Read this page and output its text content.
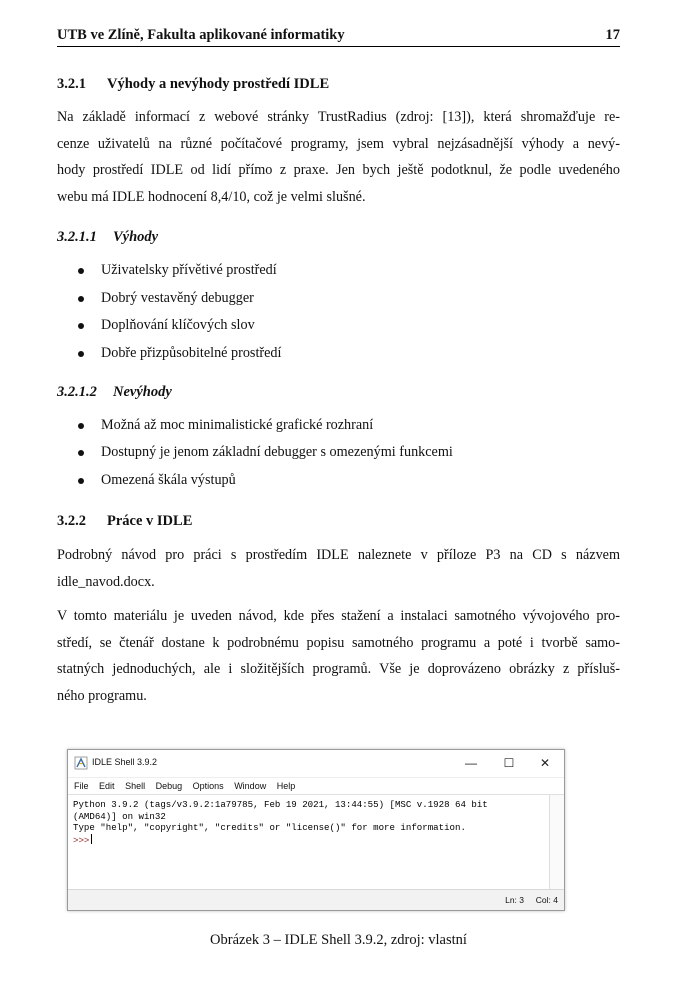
UTB ve Zlíně, Fakulta aplikované informatiky	17
3.2.1 Výhody a nevýhody prostředí IDLE

Na základě informací z webové stránky TrustRadius (zdroj: [13]), která shromažďuje re-
cenze uživatelů na různé počítačové programy, jsem vybral nejzásadnější výhody a nevý-
hody prostředí IDLE od lidí přímo z praxe. Jen bych ještě podotknul, že podle uvedeného
webu má IDLE hodnocení 8,4/10, což je velmi slušné.

3.2.1.1 Výhody
Uživatelsky přívětivé prostředí
Dobrý vestavěný debugger
Doplňování klíčových slov
Dobře přizpůsobitelné prostředí
3.2.1.2 Nevýhody
Možná až moc minimalistické grafické rozhraní
Dostupný je jenom základní debugger s omezenými funkcemi
Omezená škála výstupů
3.2.2 Práce v IDLE

Podrobný návod pro práci s prostředím IDLE naleznete v příloze P3 na CD s názvem
idle_navod.docx.

V tomto materiálu je uveden návod, kde přes stažení a instalaci samotného vývojového pro-
středí, se čtenář dostane k podrobnému popisu samotného programu a poté i tvorbě samo-
statných jednoduchých, ale i složitějších programů. Vše je doprovázeno obrázky z přísluš-
ného programu.

IDLE Shell 3.9.2	—	☐	✕
File Edit Shell Debug Options Window Help
Python 3.9.2 (tags/v3.9.2:1a79785, Feb 19 2021, 13:44:55) [MSC v.1928 64 bit
(AMD64)] on win32
Type "help", "copyright", "credits" or "license()" for more information.
>>>
Ln: 3 Col: 4
Obrázek 3 – IDLE Shell 3.9.2, zdroj: vlastní
